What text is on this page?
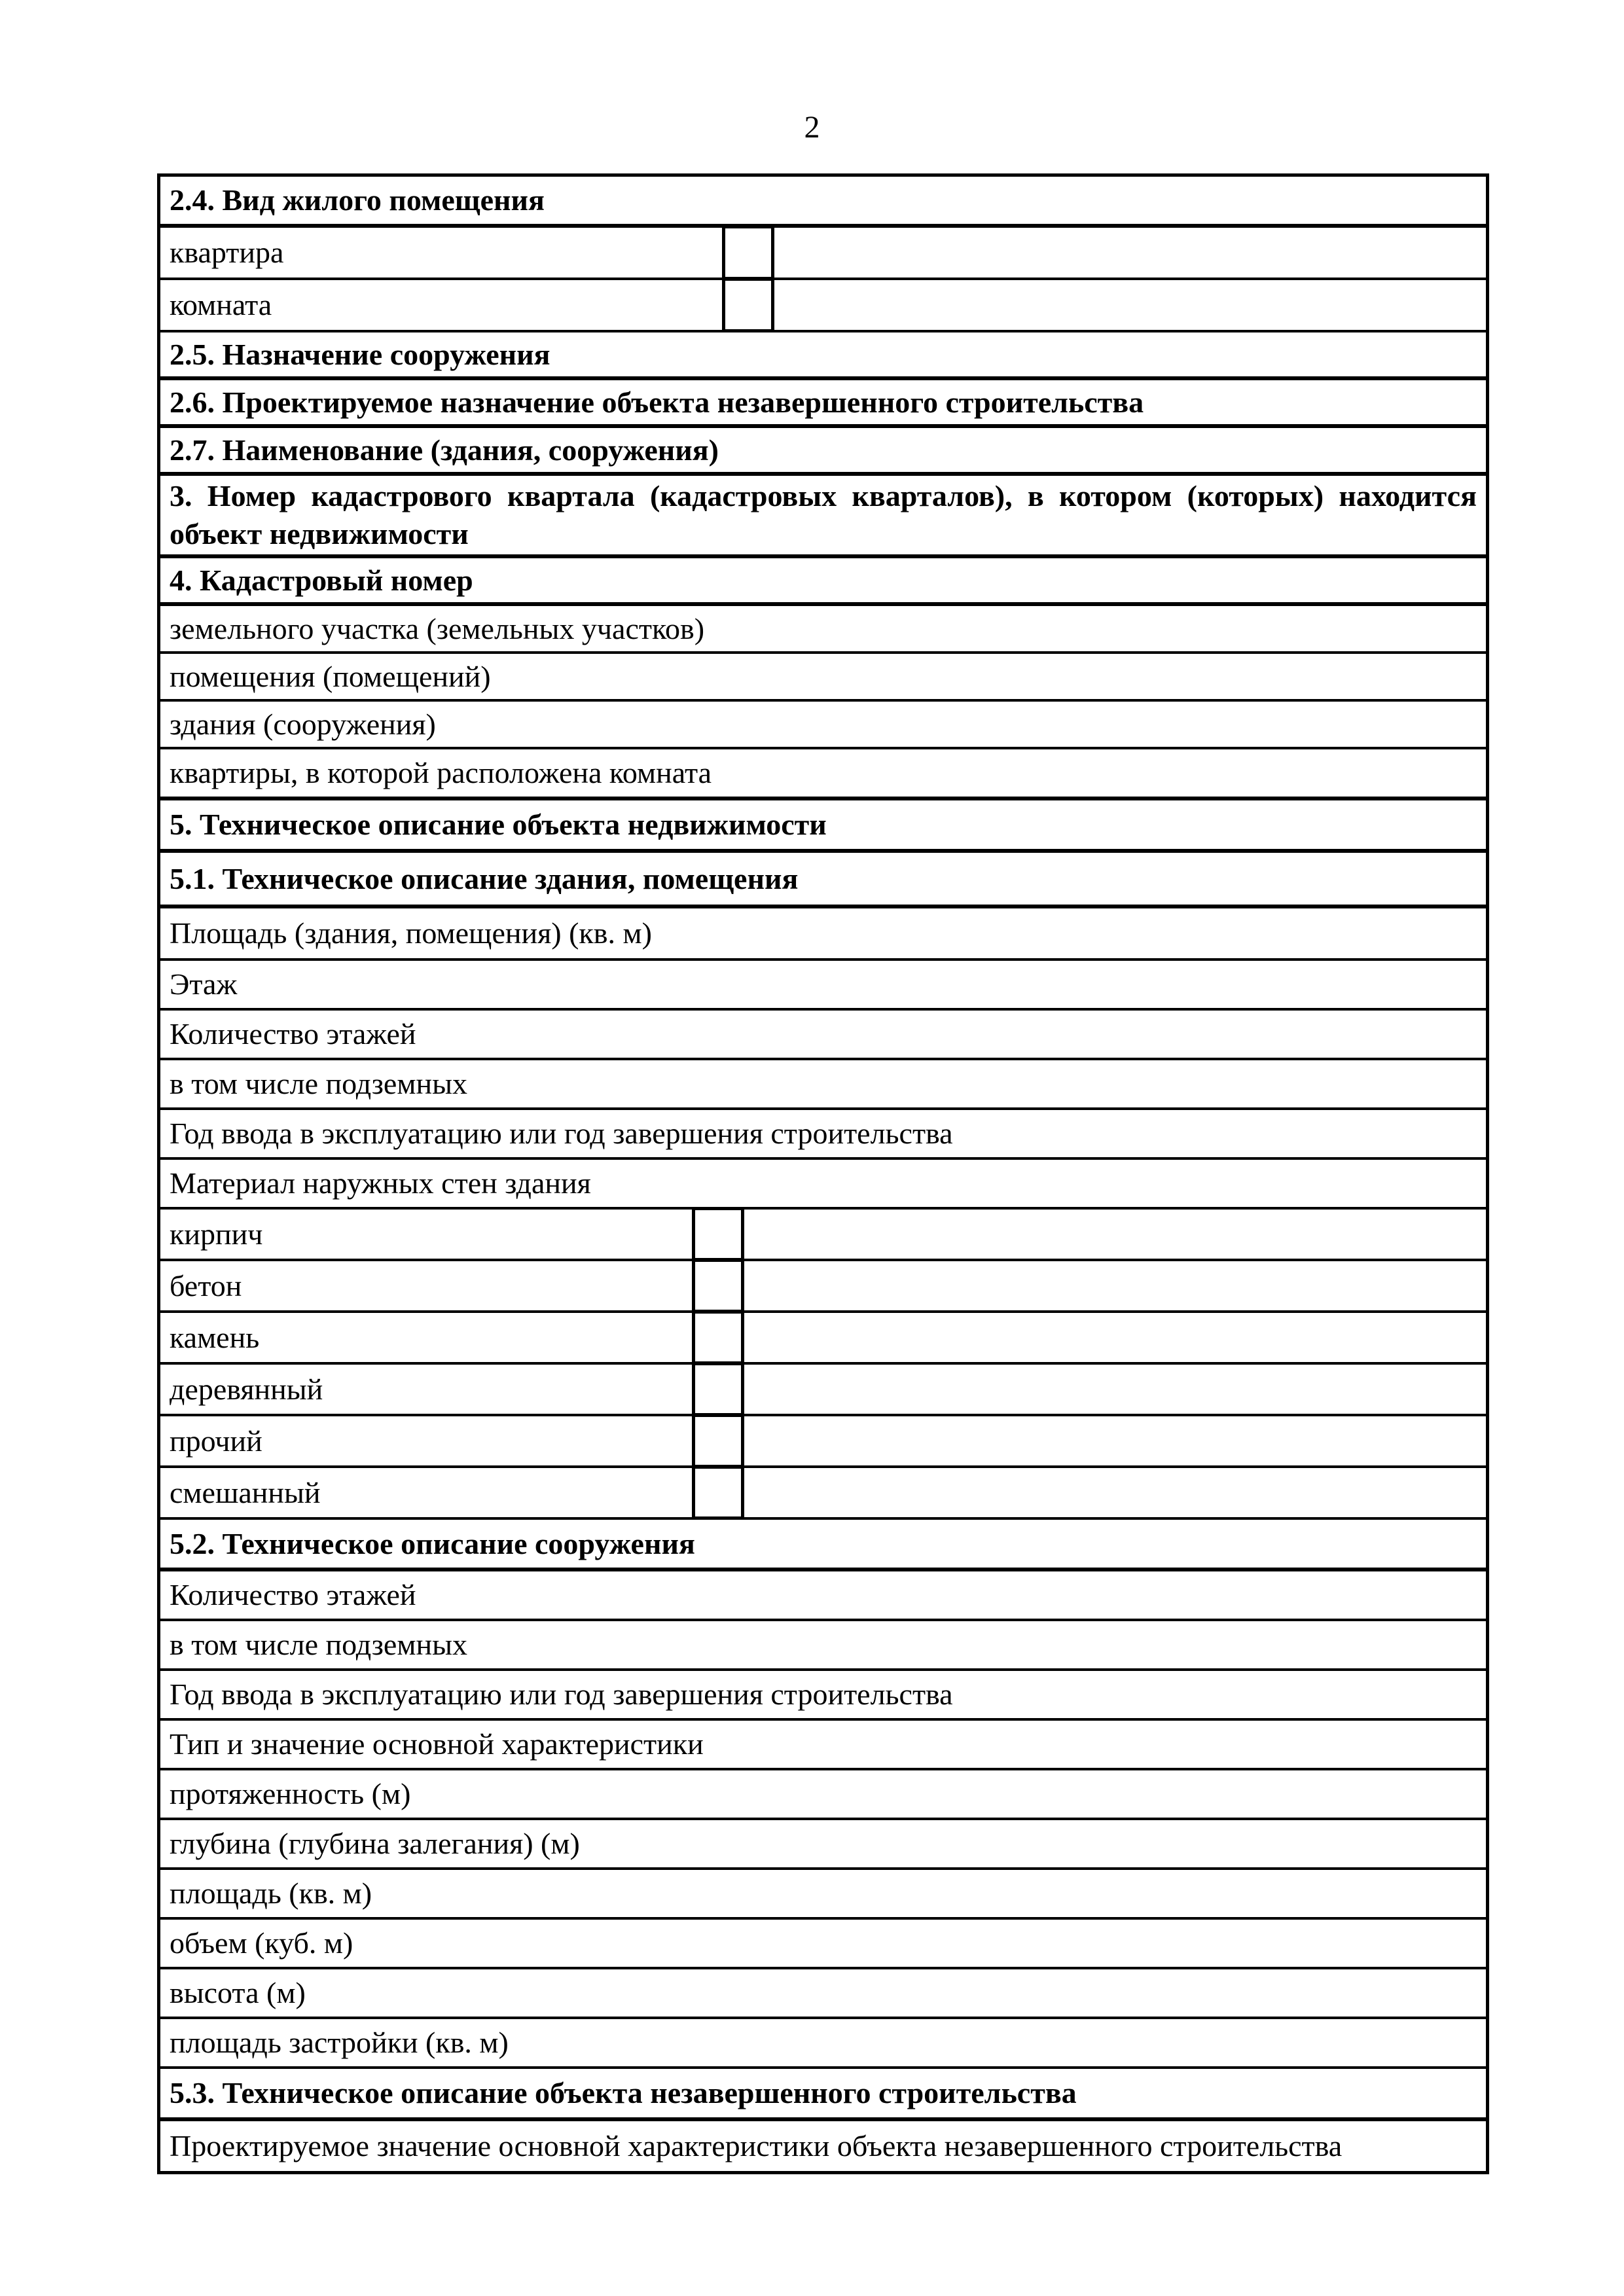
2
2.4. Вид жилого помещения
квартира
комната
2.5. Назначение сооружения
2.6. Проектируемое назначение объекта незавершенного строительства
2.7. Наименование (здания, сооружения)
3. Номер кадастрового квартала (кадастровых кварталов), в котором (которых) находится объект недвижимости
4. Кадастровый номер
земельного участка (земельных участков)
помещения (помещений)
здания (сооружения)
квартиры, в которой расположена комната
5. Техническое описание объекта недвижимости
5.1. Техническое описание здания, помещения
Площадь (здания, помещения) (кв. м)
Этаж
Количество этажей
в том числе подземных
Год ввода в эксплуатацию или год завершения строительства
Материал наружных стен здания
кирпич
бетон
камень
деревянный
прочий
смешанный
5.2. Техническое описание сооружения
Количество этажей
в том числе подземных
Год ввода в эксплуатацию или год завершения строительства
Тип и значение основной характеристики
протяженность (м)
глубина (глубина залегания) (м)
площадь (кв. м)
объем (куб. м)
высота (м)
площадь застройки (кв. м)
5.3. Техническое описание объекта незавершенного строительства
Проектируемое значение основной характеристики объекта незавершенного строительства
